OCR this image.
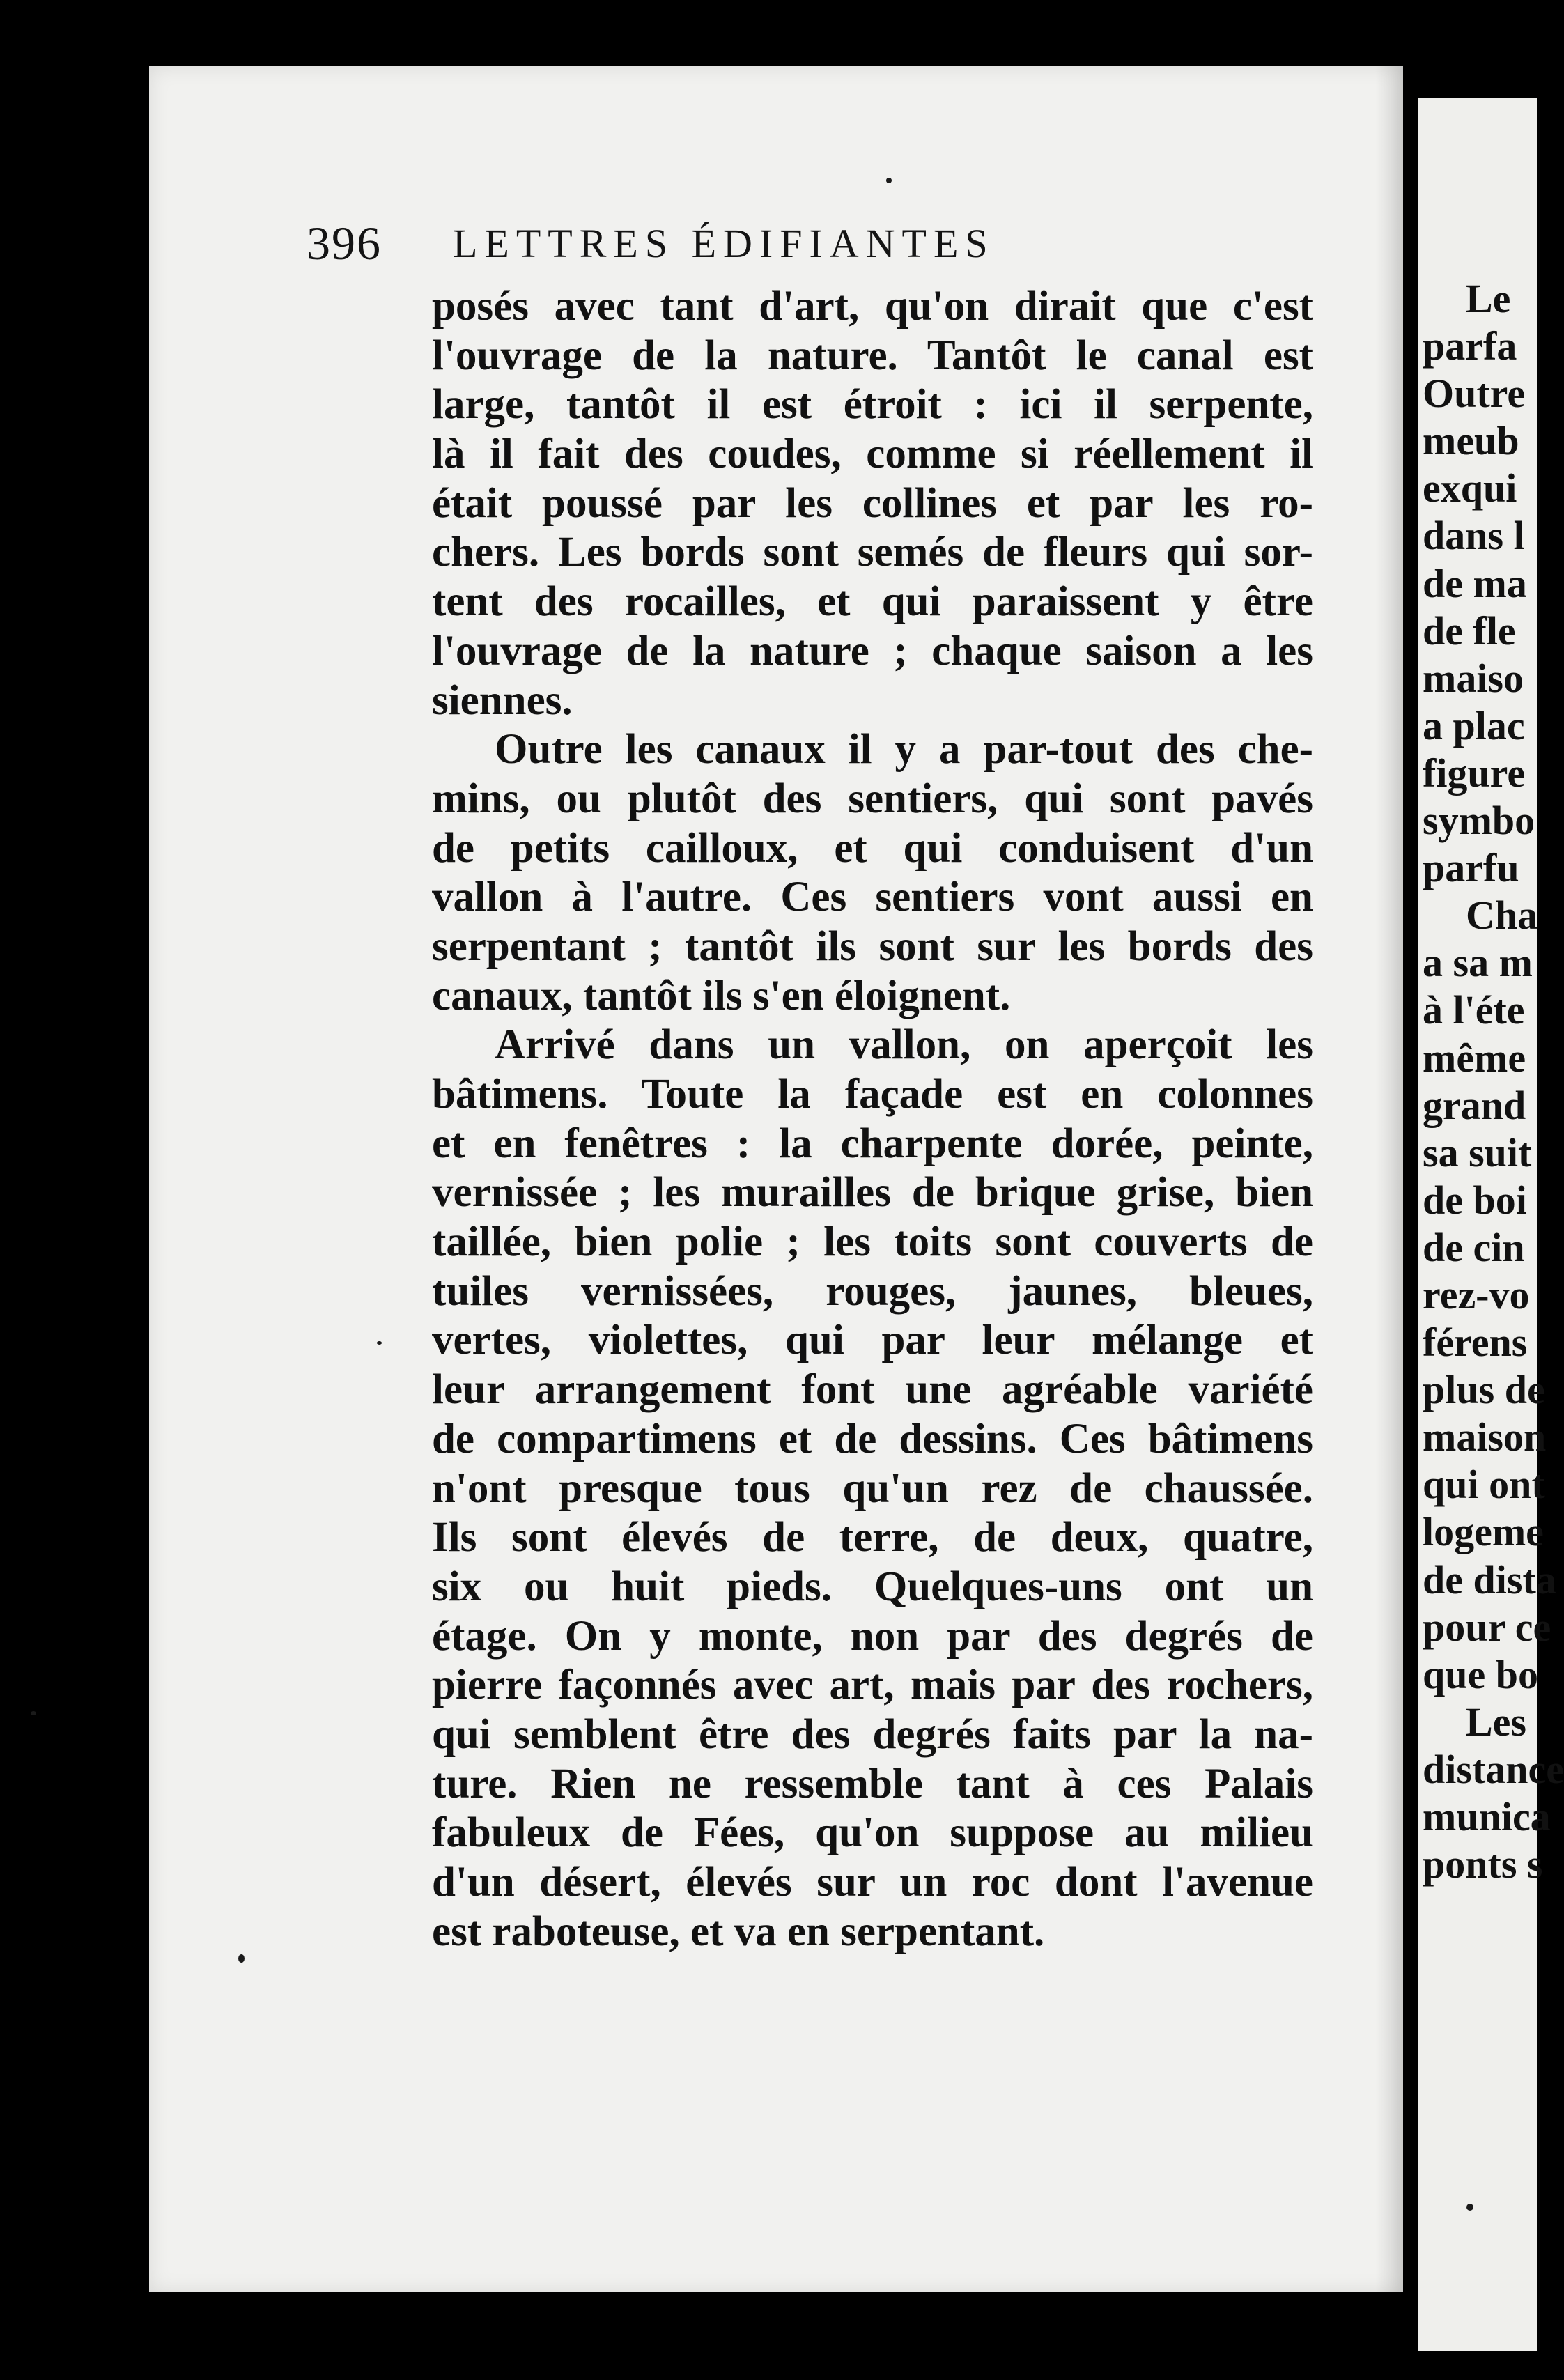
396 LETTRES ÉDIFIANTES
posés avec tant d'art, qu'on dirait que c'est
l'ouvrage de la nature. Tantôt le canal est
large, tantôt il est étroit : ici il serpente,
là il fait des coudes, comme si réellement il
était poussé par les collines et par les ro-
chers. Les bords sont semés de fleurs qui sor-
tent des rocailles, et qui paraissent y être
l'ouvrage de la nature ; chaque saison a les
siennes.
Outre les canaux il y a par-tout des che-
mins, ou plutôt des sentiers, qui sont pavés
de petits cailloux, et qui conduisent d'un
vallon à l'autre. Ces sentiers vont aussi en
serpentant ; tantôt ils sont sur les bords des
canaux, tantôt ils s'en éloignent.
Arrivé dans un vallon, on aperçoit les
bâtimens. Toute la façade est en colonnes
et en fenêtres : la charpente dorée, peinte,
vernissée ; les murailles de brique grise, bien
taillée, bien polie ; les toits sont couverts de
tuiles vernissées, rouges, jaunes, bleues,
vertes, violettes, qui par leur mélange et
leur arrangement font une agréable variété
de compartimens et de dessins. Ces bâtimens
n'ont presque tous qu'un rez de chaussée.
Ils sont élevés de terre, de deux, quatre,
six ou huit pieds. Quelques-uns ont un
étage. On y monte, non par des degrés de
pierre façonnés avec art, mais par des rochers,
qui semblent être des degrés faits par la na-
ture. Rien ne ressemble tant à ces Palais
fabuleux de Fées, qu'on suppose au milieu
d'un désert, élevés sur un roc dont l'avenue
est raboteuse, et va en serpentant.
Le
parfa
Outre
meub
exqui
dans l
de ma
de fle
maiso
a plac
figure
symbo
parfu
Cha
a sa m
à l'éte
même
grand
sa suit
de boi
de cin
rez-vo
férens
plus de
maison
qui ont
logeme
de dista
pour ce
que bo
Les
distance
munica
ponts s
